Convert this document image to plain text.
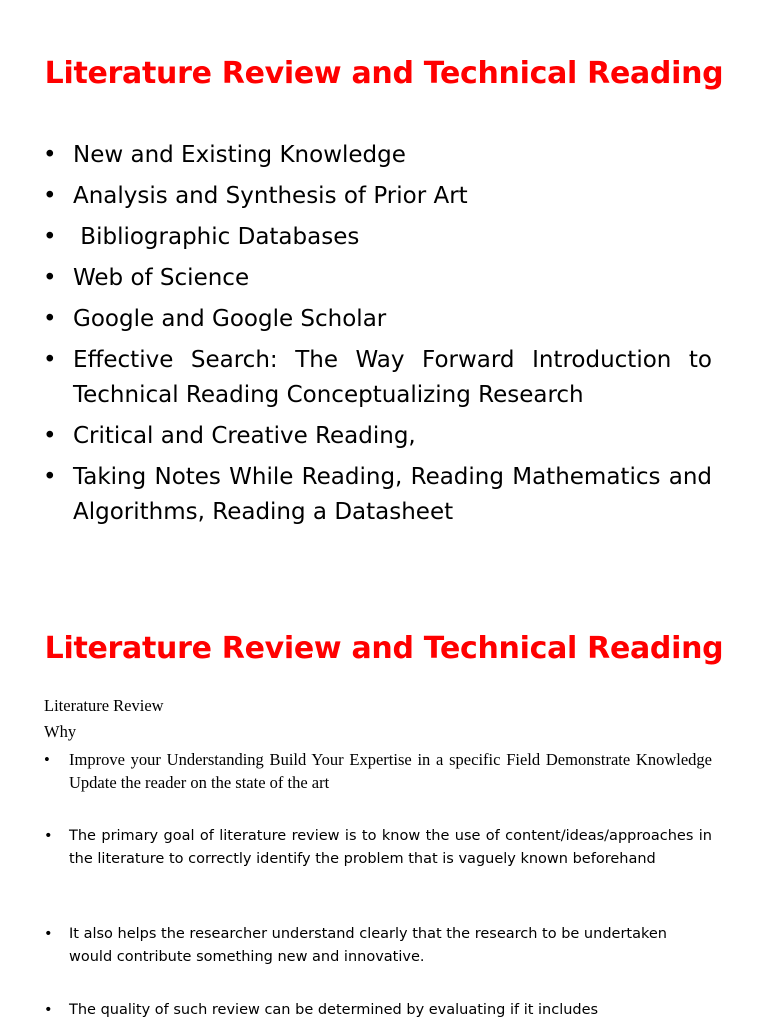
Literature Review and Technical Reading
• New and Existing Knowledge
• Analysis and Synthesis of Prior Art
• Bibliographic Databases
• Web of Science
• Google and Google Scholar
• Effective Search: The Way Forward Introduction to Technical Reading Conceptualizing Research
• Critical and Creative Reading,
• Taking Notes While Reading, Reading Mathematics and Algorithms, Reading a Datasheet
Literature Review and Technical Reading
Literature Review
Why
• Improve your Understanding Build Your Expertise in a specific Field Demonstrate Knowledge Update the reader on the state of the art
• The primary goal of literature review is to know the use of content/ideas/approaches in the literature to correctly identify the problem that is vaguely known beforehand
• It also helps the researcher understand clearly that the research to be undertaken would contribute something new and innovative.
• The quality of such review can be determined by evaluating if it includes
